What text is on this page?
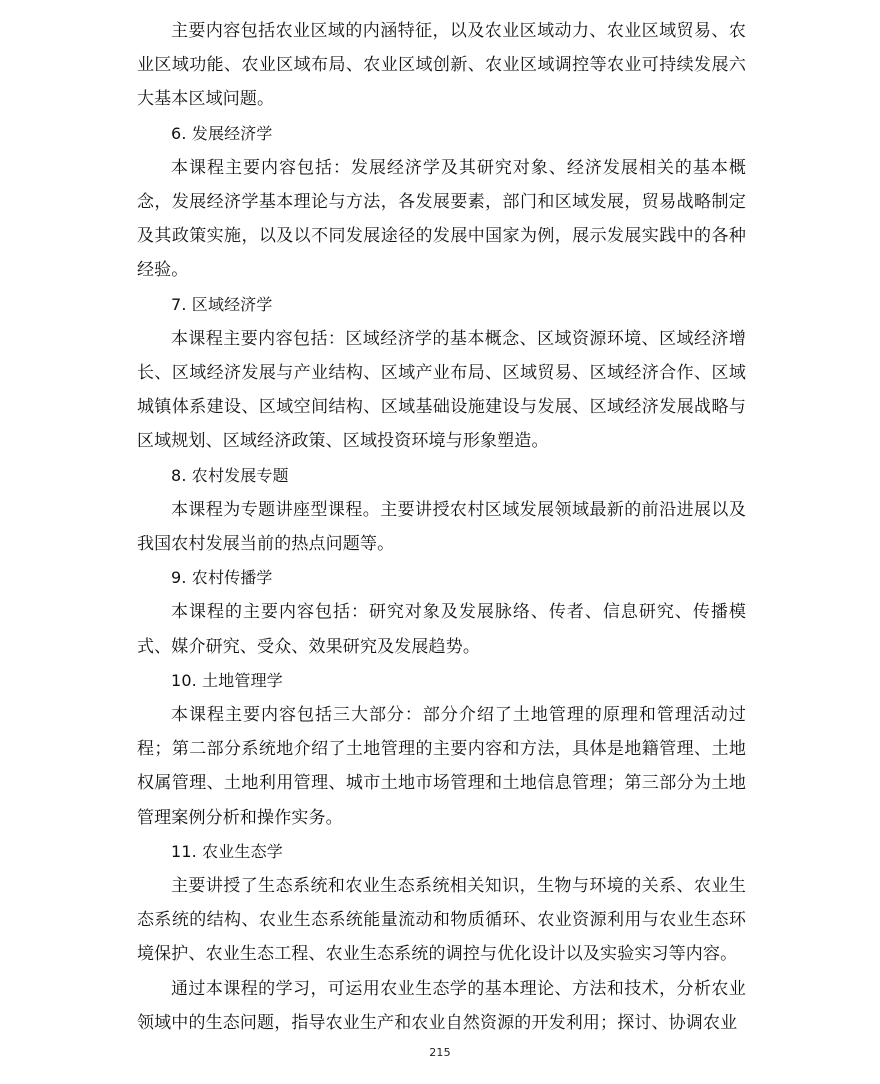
主要内容包括农业区域的内涵特征，以及农业区域动力、农业区域贸易、农业区域功能、农业区域布局、农业区域创新、农业区域调控等农业可持续发展六大基本区域问题。

6. 发展经济学

本课程主要内容包括：发展经济学及其研究对象、经济发展相关的基本概念，发展经济学基本理论与方法，各发展要素，部门和区域发展，贸易战略制定及其政策实施，以及以不同发展途径的发展中国家为例，展示发展实践中的各种经验。

7. 区域经济学

本课程主要内容包括：区域经济学的基本概念、区域资源环境、区域经济增长、区域经济发展与产业结构、区域产业布局、区域贸易、区域经济合作、区域城镇体系建设、区域空间结构、区域基础设施建设与发展、区域经济发展战略与区域规划、区域经济政策、区域投资环境与形象塑造。

8. 农村发展专题

本课程为专题讲座型课程。主要讲授农村区域发展领域最新的前沿进展以及我国农村发展当前的热点问题等。

9. 农村传播学

本课程的主要内容包括：研究对象及发展脉络、传者、信息研究、传播模式、媒介研究、受众、效果研究及发展趋势。

10. 土地管理学

本课程主要内容包括三大部分：部分介绍了土地管理的原理和管理活动过程；第二部分系统地介绍了土地管理的主要内容和方法，具体是地籍管理、土地权属管理、土地利用管理、城市土地市场管理和土地信息管理；第三部分为土地管理案例分析和操作实务。

11. 农业生态学

主要讲授了生态系统和农业生态系统相关知识，生物与环境的关系、农业生态系统的结构、农业生态系统能量流动和物质循环、农业资源利用与农业生态环境保护、农业生态工程、农业生态系统的调控与优化设计以及实验实习等内容。

通过本课程的学习，可运用农业生态学的基本理论、方法和技术，分析农业领域中的生态问题，指导农业生产和农业自然资源的开发利用；探讨、协调农业

215
